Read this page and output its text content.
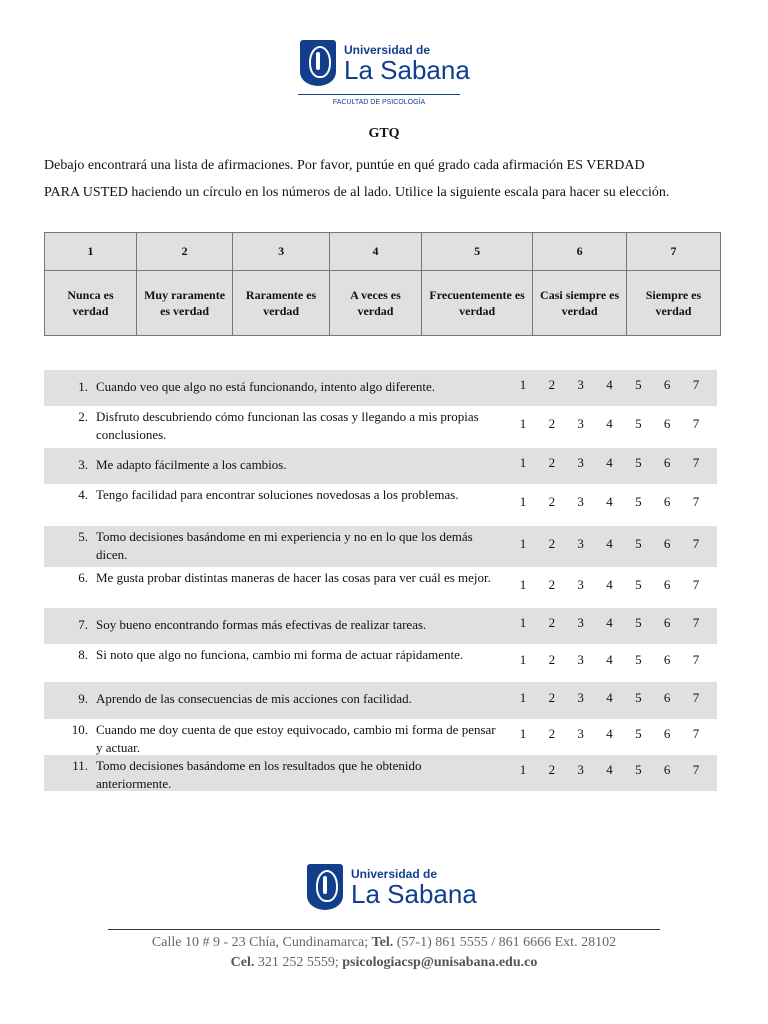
Universidad de
La Sabana
FACULTAD DE PSICOLOGÍA
GTQ

Debajo encontrará una lista de afirmaciones. Por favor, puntúe en qué grado cada afirmación ES VERDAD

PARA USTED haciendo un círculo en los números de al lado. Utilice la siguiente escala para hacer su elección.

1	2	3	4	5	6	7
Nunca es verdad	Muy raramente es verdad	Raramente es verdad	A veces es verdad	Frecuentemente es verdad	Casi siempre es verdad	Siempre es verdad
1. Cuando veo que algo no está funcionando, intento algo diferente.	1 2 3 4 5 6 7
2. Disfruto descubriendo cómo funcionan las cosas y llegando a mis propias conclusiones.
1 2 3 4 5 6 7
3. Me adapto fácilmente a los cambios.	1 2 3 4 5 6 7
4. Tengo facilidad para encontrar soluciones novedosas a los problemas.	1 2 3 4 5 6 7
5. Tomo decisiones basándome en mi experiencia y no en lo que los demás dicen.
1 2 3 4 5 6 7
6. Me gusta probar distintas maneras de hacer las cosas para ver cuál es mejor.	1 2 3 4 5 6 7
7. Soy bueno encontrando formas más efectivas de realizar tareas.	1 2 3 4 5 6 7
8. Si noto que algo no funciona, cambio mi forma de actuar rápidamente.	1 2 3 4 5 6 7
9. Aprendo de las consecuencias de mis acciones con facilidad.	1 2 3 4 5 6 7
10. Cuando me doy cuenta de que estoy equivocado, cambio mi forma de pensar y actuar.
1 2 3 4 5 6 7
11. Tomo decisiones basándome en los resultados que he obtenido anteriormente.
1 2 3 4 5 6 7
Universidad de
La Sabana
Calle 10 # 9 - 23 Chía, Cundinamarca; Tel. (57-1) 861 5555 / 861 6666 Ext. 28102
Cel. 321 252 5559; psicologiacsp@unisabana.edu.co
